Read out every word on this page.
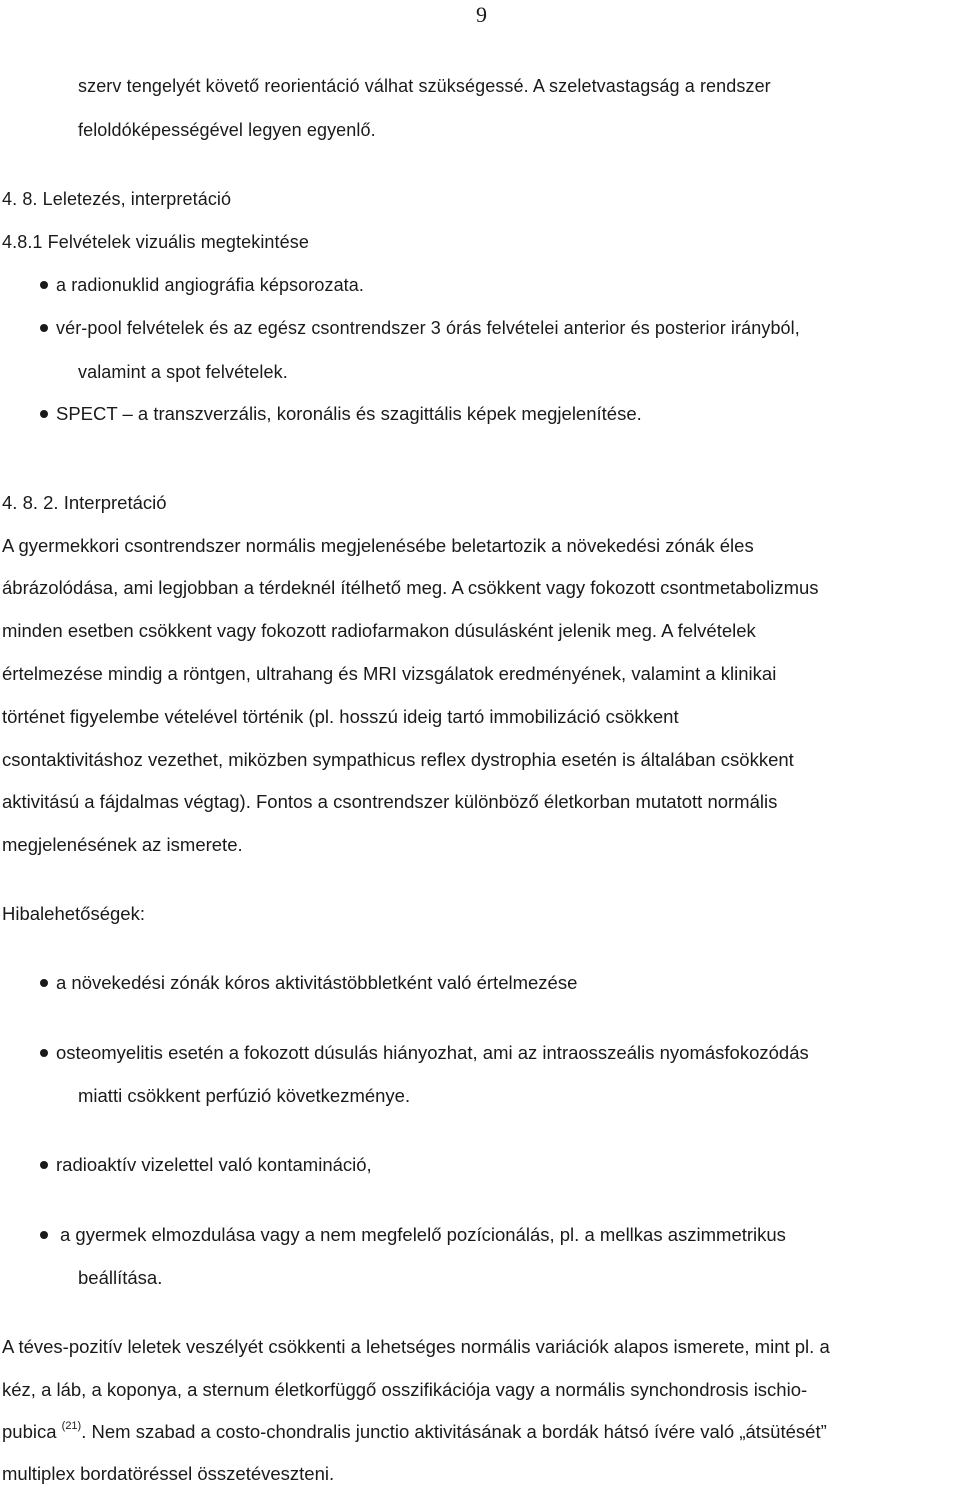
9
szerv tengelyét követő reorientáció válhat szükségessé. A szeletvastagság a rendszer
feloldóképességével legyen egyenlő.
4. 8. Leletezés, interpretáció
4.8.1 Felvételek vizuális megtekintése
a radionuklid angiográfia képsorozata.
vér-pool felvételek és az egész csontrendszer 3 órás felvételei anterior és posterior irányból,
valamint a spot felvételek.
SPECT – a transzverzális, koronális és szagittális képek megjelenítése.
4. 8. 2. Interpretáció
A gyermekkori csontrendszer normális megjelenésébe beletartozik a növekedési zónák éles
ábrázolódása, ami legjobban a térdeknél ítélhető meg. A csökkent vagy fokozott csontmetabolizmus
minden esetben csökkent vagy fokozott radiofarmakon dúsulásként jelenik meg. A felvételek
értelmezése mindig a röntgen, ultrahang és MRI vizsgálatok eredményének, valamint a klinikai
történet figyelembe vételével történik (pl. hosszú ideig tartó immobilizáció csökkent
csontaktivitáshoz vezethet, miközben sympathicus reflex dystrophia esetén is általában csökkent
aktivitású a fájdalmas végtag). Fontos a csontrendszer különböző életkorban mutatott normális
megjelenésének az ismerete.
Hibalehetőségek:
a növekedési zónák kóros aktivitástöbbletként való értelmezése
osteomyelitis esetén a fokozott dúsulás hiányozhat, ami az intraosszeális nyomásfokozódás
miatti csökkent perfúzió következménye.
radioaktív vizelettel való kontamináció,
a gyermek elmozdulása vagy a nem megfelelő pozícionálás, pl. a mellkas aszimmetrikus
beállítása.
A téves-pozitív leletek veszélyét csökkenti a lehetséges normális variációk alapos ismerete, mint pl. a
kéz, a láb, a koponya, a sternum életkorfüggő osszifikációja vagy a normális synchondrosis ischio-
pubica $^{(21)}$. Nem szabad a costo-chondralis junctio aktivitásának a bordák hátsó ívére való „átsütését”
multiplex bordatöréssel összetéveszteni.
